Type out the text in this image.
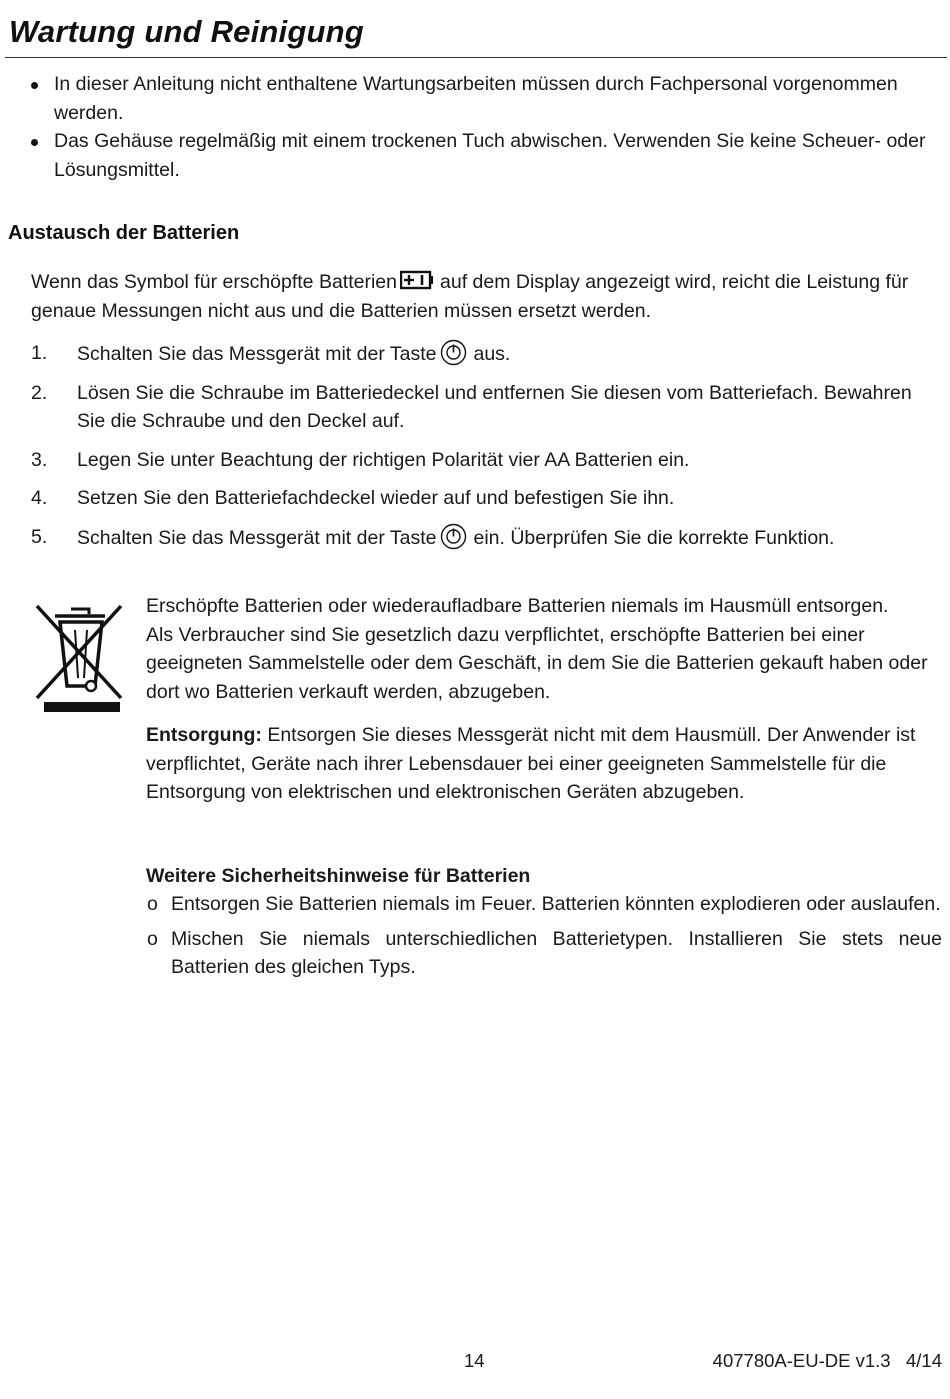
Wartung und Reinigung
In dieser Anleitung nicht enthaltene Wartungsarbeiten müssen durch Fachpersonal vorgenommen werden.
Das Gehäuse regelmäßig mit einem trockenen Tuch abwischen. Verwenden Sie keine Scheuer- oder Lösungsmittel.
Austausch der Batterien
Wenn das Symbol für erschöpfte Batterien auf dem Display angezeigt wird, reicht die Leistung für genaue Messungen nicht aus und die Batterien müssen ersetzt werden.
1. Schalten Sie das Messgerät mit der Taste aus.
2. Lösen Sie die Schraube im Batteriedeckel und entfernen Sie diesen vom Batteriefach. Bewahren Sie die Schraube und den Deckel auf.
3. Legen Sie unter Beachtung der richtigen Polarität vier AA Batterien ein.
4. Setzen Sie den Batteriefachdeckel wieder auf und befestigen Sie ihn.
5. Schalten Sie das Messgerät mit der Taste ein. Überprüfen Sie die korrekte Funktion.

Erschöpfte Batterien oder wiederaufladbare Batterien niemals im Hausmüll entsorgen.

Als Verbraucher sind Sie gesetzlich dazu verpflichtet, erschöpfte Batterien bei einer geeigneten Sammelstelle oder dem Geschäft, in dem Sie die Batterien gekauft haben oder dort wo Batterien verkauft werden, abzugeben.

Entsorgung: Entsorgen Sie dieses Messgerät nicht mit dem Hausmüll. Der Anwender ist verpflichtet, Geräte nach ihrer Lebensdauer bei einer geeigneten Sammelstelle für die Entsorgung von elektrischen und elektronischen Geräten abzugeben.

Weitere Sicherheitshinweise für Batterien
o Entsorgen Sie Batterien niemals im Feuer. Batterien könnten explodieren oder auslaufen.
o Mischen Sie niemals unterschiedlichen Batterietypen. Installieren Sie stets neue Batterien des gleichen Typs.
14	407780A-EU-DE v1.3   4/14
